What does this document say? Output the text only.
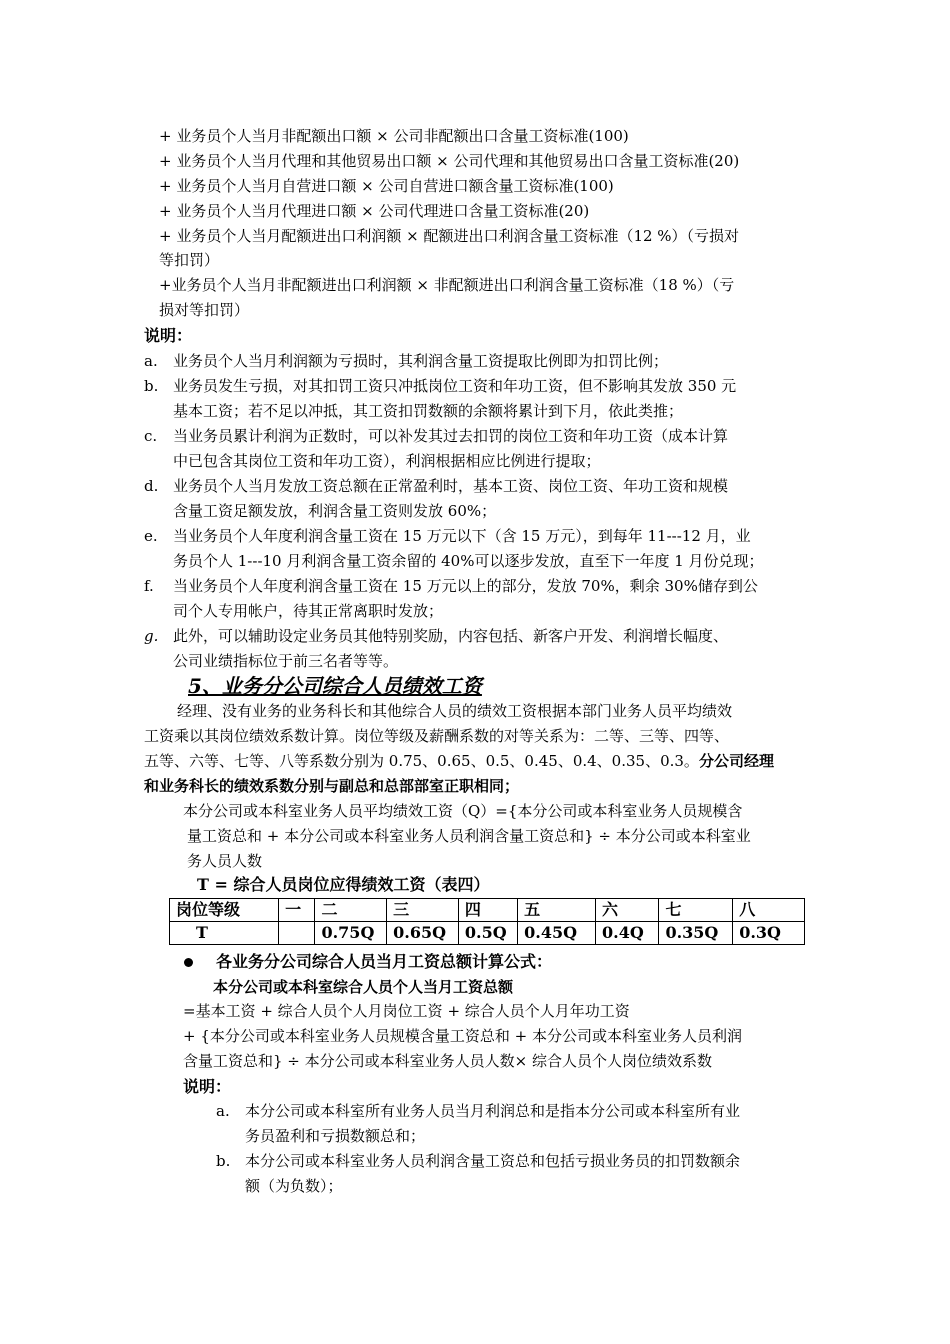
+ 业务员个人当月非配额出口额 × 公司非配额出口含量工资标准(100)
+ 业务员个人当月代理和其他贸易出口额 × 公司代理和其他贸易出口含量工资标准(20)
+ 业务员个人当月自营进口额 × 公司自营进口额含量工资标准(100)
+ 业务员个人当月代理进口额 × 公司代理进口含量工资标准(20)
+ 业务员个人当月配额进出口利润额 × 配额进出口利润含量工资标准（12 %）（亏损对
等扣罚）
+业务员个人当月非配额进出口利润额 × 非配额进出口利润含量工资标准（18 %）（亏
损对等扣罚）
说明：
a. 业务员个人当月利润额为亏损时，其利润含量工资提取比例即为扣罚比例；
b. 业务员发生亏损，对其扣罚工资只冲抵岗位工资和年功工资，但不影响其发放 350 元
基本工资；若不足以冲抵，其工资扣罚数额的余额将累计到下月，依此类推；
c. 当业务员累计利润为正数时，可以补发其过去扣罚的岗位工资和年功工资（成本计算
中已包含其岗位工资和年功工资），利润根据相应比例进行提取；
d. 业务员个人当月发放工资总额在正常盈利时，基本工资、岗位工资、年功工资和规模
含量工资足额发放，利润含量工资则发放 60%；
e. 当业务员个人年度利润含量工资在 15 万元以下（含 15 万元），到每年 11---12 月，业
务员个人 1---10 月利润含量工资余留的 40%可以逐步发放，直至下一年度 1 月份兑现；
f. 当业务员个人年度利润含量工资在 15 万元以上的部分，发放 70%，剩余 30%储存到公
司个人专用帐户，待其正常离职时发放；
g. 此外，可以辅助设定业务员其他特别奖励，内容包括、新客户开发、利润增长幅度、
公司业绩指标位于前三名者等等。
5、业务分公司综合人员绩效工资
经理、没有业务的业务科长和其他综合人员的绩效工资根据本部门业务人员平均绩效
工资乘以其岗位绩效系数计算。岗位等级及薪酬系数的对等关系为：二等、三等、四等、
五等、六等、七等、八等系数分别为 0.75、0.65、0.5、0.45、0.4、0.35、0.3。分公司经理
和业务科长的绩效系数分别与副总和总部部室正职相同；
本分公司或本科室业务人员平均绩效工资（Q）={本分公司或本科室业务人员规模含
量工资总和 + 本分公司或本科室业务人员利润含量工资总和} ÷ 本分公司或本科室业
务人员人数
T = 综合人员岗位应得绩效工资（表四）
岗位等级	一	二	三	四	五	六	七	八
T		0.75Q	0.65Q	0.5Q	0.45Q	0.4Q	0.35Q	0.3Q
各业务分公司综合人员当月工资总额计算公式：
本分公司或本科室综合人员个人当月工资总额
=基本工资 + 综合人员个人月岗位工资 + 综合人员个人月年功工资
+ {本分公司或本科室业务人员规模含量工资总和 + 本分公司或本科室业务人员利润
含量工资总和} ÷ 本分公司或本科室业务人员人数× 综合人员个人岗位绩效系数
说明：
a. 本分公司或本科室所有业务人员当月利润总和是指本分公司或本科室所有业
务员盈利和亏损数额总和；
b. 本分公司或本科室业务人员利润含量工资总和包括亏损业务员的扣罚数额余
额（为负数）；
